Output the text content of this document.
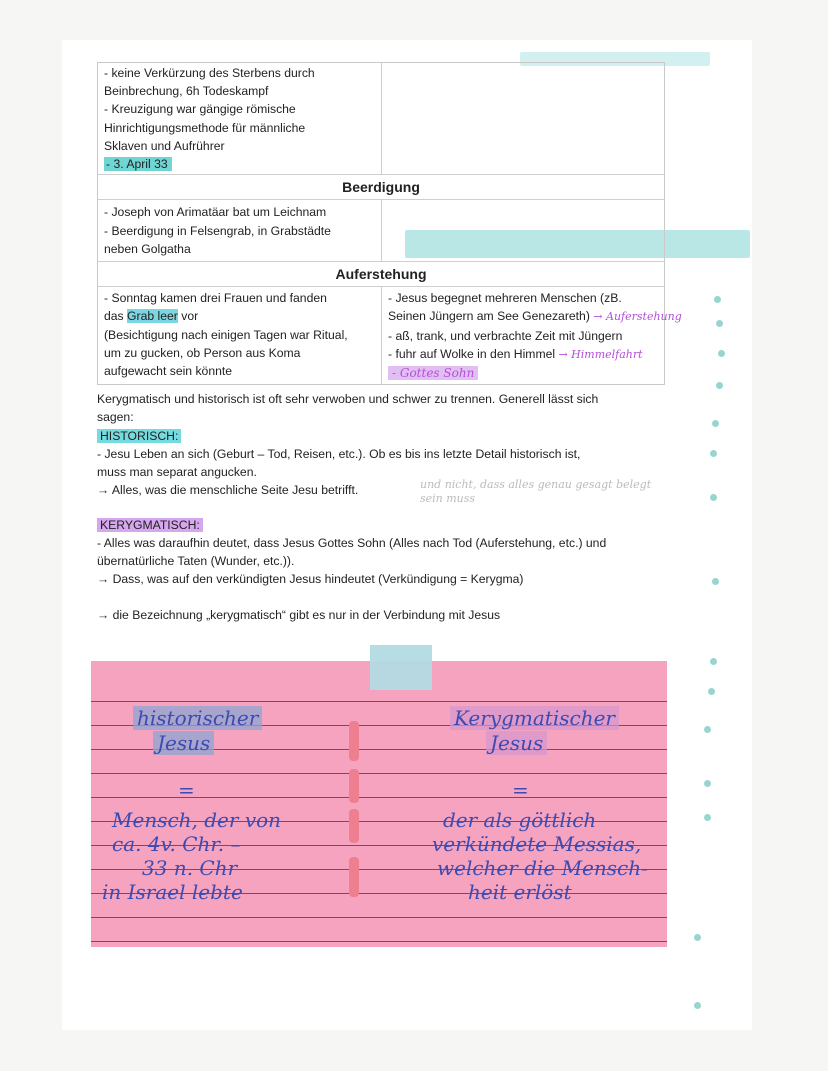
- keine Verkürzung des Sterbens durch
Beinbrechung, 6h Todeskampf
- Kreuzigung war gängige römische
Hinrichtigungsmethode für männliche
Sklaven und Aufrührer
- 3. April 33
Beerdigung
- Joseph von Arimatäar bat um Leichnam
- Beerdigung in Felsengrab, in Grabstädte
neben Golgatha
Auferstehung
- Sonntag kamen drei Frauen und fanden
das Grab leer vor
(Besichtigung nach einigen Tagen war Ritual,
um zu gucken, ob Person aus Koma
aufgewacht sein könnte
- Jesus begegnet mehreren Menschen (zB.
Seinen Jüngern am See Genezareth) → Auferstehung
- aß, trank, und verbrachte Zeit mit Jüngern
- fuhr auf Wolke in den Himmel → Himmelfahrt
- Gottes Sohn
Kerygmatisch und historisch ist oft sehr verwoben und schwer zu trennen. Generell lässt sich
sagen:
HISTORISCH:
- Jesu Leben an sich (Geburt – Tod, Reisen, etc.). Ob es bis ins letzte Detail historisch ist,
muss man separat angucken.
→ Alles, was die menschliche Seite Jesu betrifft.	und nicht, dass alles genau gesagt belegt sein muss
KERYGMATISCH:
- Alles was daraufhin deutet, dass Jesus Gottes Sohn (Alles nach Tod (Auferstehung, etc.) und
übernatürliche Taten (Wunder, etc.)).
→ Dass, was auf den verkündigten Jesus hindeutet (Verkündigung = Kerygma)
→ die Bezeichnung „kerygmatisch“ gibt es nur in der Verbindung mit Jesus
historischer
Jesus
=
Mensch, der von
ca. 4v. Chr. –
33 n. Chr
in Israel lebte
Kerygmatischer
Jesus
=
der als göttlich
verkündete Messias,
welcher die Mensch-
heit erlöst
